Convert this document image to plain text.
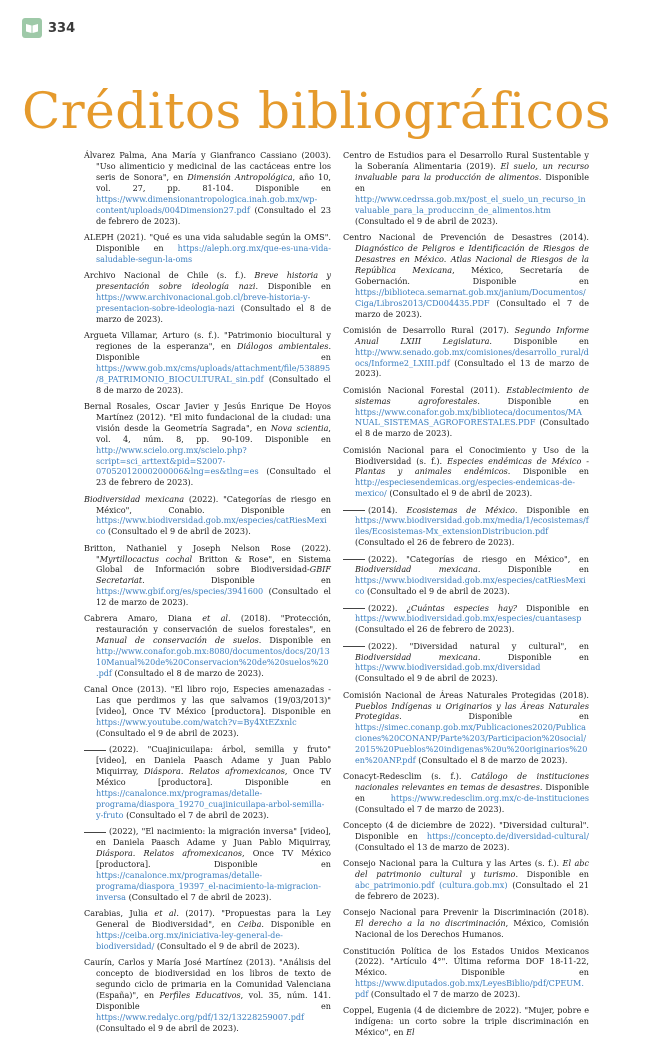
334
Créditos bibliográficos

Álvarez Palma, Ana María y Gianfranco Cassiano (2003). "Uso alimenticio y medicinal de las cactáceas entre los seris de Sonora", en Dimensión Antropológica, año 10, vol. 27, pp. 81-104. Disponible en https://www.dimensionantropologica.inah.gob.mx/wp-content/uploads/004Dimension27.pdf (Consultado el 23 de febrero de 2023).

ALEPH (2021). "Qué es una vida saludable según la OMS". Disponible en https://aleph.org.mx/que-es-una-vida-saludable-segun-la-oms

Archivo Nacional de Chile (s. f.). Breve historia y presentación sobre ideología nazi. Disponible en https://www.archivonacional.gob.cl/breve-historia-y-presentacion-sobre-ideologia-nazi (Consultado el 8 de marzo de 2023).

Argueta Villamar, Arturo (s. f.). "Patrimonio biocultural y regiones de la esperanza", en Diálogos ambientales. Disponible en https://www.gob.mx/cms/uploads/attachment/file/538895/8_PATRIMONIO_BIOCULTURAL_sin.pdf (Consultado el 8 de marzo de 2023).

Bernal Rosales, Oscar Javier y Jesús Enrique De Hoyos Martínez (2012). "El mito fundacional de la ciudad: una visión desde la Geometría Sagrada", en Nova scientia, vol. 4, núm. 8, pp. 90-109. Disponible en http://www.scielo.org.mx/scielo.php?script=sci_arttext&pid=S2007-07052012000200006&lng=es&tlng=es (Consultado el 23 de febrero de 2023).

Biodiversidad mexicana (2022). "Categorías de riesgo en México", Conabio. Disponible en https://www.biodiversidad.gob.mx/especies/catRiesMexico (Consultado el 9 de abril de 2023).

Britton, Nathaniel y Joseph Nelson Rose (2022). "Myrtillocactus cochal Britton & Rose", en Sistema Global de Información sobre Biodiversidad-GBIF Secretariat. Disponible en https://www.gbif.org/es/species/3941600 (Consultado el 12 de marzo de 2023).

Cabrera Amaro, Diana et al. (2018). "Protección, restauración y conservación de suelos forestales", en Manual de conservación de suelos. Disponible en http://www.conafor.gob.mx:8080/documentos/docs/20/1310Manual%20de%20Conservacion%20de%20suelos%20.pdf (Consultado el 8 de marzo de 2023).

Canal Once (2013). "El libro rojo, Especies amenazadas - Las que perdimos y las que salvamos (19/03/2013)" [video], Once TV México [productora]. Disponible en https://www.youtube.com/watch?v=By4XtEZxnlc (Consultado el 9 de abril de 2023).

(2022). "Cuajinicuilapa: árbol, semilla y fruto" [video], en Daniela Paasch Adame y Juan Pablo Miquirray, Diáspora. Relatos afromexicanos, Once TV México [productora]. Disponible en https://canalonce.mx/programas/detalle-programa/diaspora_19270_cuajinicuilapa-arbol-semilla-y-fruto (Consultado el 7 de abril de 2023).

(2022), "El nacimiento: la migración inversa" [video], en Daniela Paasch Adame y Juan Pablo Miquirray, Diáspora. Relatos afromexicanos, Once TV México [productora]. Disponible en https://canalonce.mx/programas/detalle-programa/diaspora_19397_el-nacimiento-la-migracion-inversa (Consultado el 7 de abril de 2023).

Carabias, Julia et al. (2017). "Propuestas para la Ley General de Biodiversidad", en Ceiba. Disponible en https://ceiba.org.mx/iniciativa-ley-general-de-biodiversidad/ (Consultado el 9 de abril de 2023).

Caurín, Carlos y María José Martínez (2013). "Análisis del concepto de biodiversidad en los libros de texto de segundo ciclo de primaria en la Comunidad Valenciana (España)", en Perfiles Educativos, vol. 35, núm. 141. Disponible en https://www.redalyc.org/pdf/132/13228259007.pdf (Consultado el 9 de abril de 2023).

Centro de Estudios para el Desarrollo Rural Sustentable y la Soberanía Alimentaria (2019). El suelo, un recurso invaluable para la producción de alimentos. Disponible en http://www.cedrssa.gob.mx/post_el_suelo_un_recurso_invaluable_para_la_produccinn_de_alimentos.htm (Consultado el 9 de abril de 2023).

Centro Nacional de Prevención de Desastres (2014). Diagnóstico de Peligros e Identificación de Riesgos de Desastres en México. Atlas Nacional de Riesgos de la República Mexicana, México, Secretaría de Gobernación. Disponible en https://biblioteca.semarnat.gob.mx/janium/Documentos/Ciga/Libros2013/CD004435.PDF (Consultado el 7 de marzo de 2023).

Comisión de Desarrollo Rural (2017). Segundo Informe Anual LXIII Legislatura. Disponible en http://www.senado.gob.mx/comisiones/desarrollo_rural/docs/Informe2_LXIII.pdf (Consultado el 13 de marzo de 2023).

Comisión Nacional Forestal (2011). Establecimiento de sistemas agroforestales. Disponible en https://www.conafor.gob.mx/biblioteca/documentos/MANUAL_SISTEMAS_AGROFORESTALES.PDF (Consultado el 8 de marzo de 2023).

Comisión Nacional para el Conocimiento y Uso de la Biodiversidad (s. f.). Especies endémicas de México - Plantas y animales endémicos. Disponible en http://especiesendemicas.org/especies-endemicas-de-mexico/ (Consultado el 9 de abril de 2023).

(2014). Ecosistemas de México. Disponible en https://www.biodiversidad.gob.mx/media/1/ecosistemas/files/Ecosistemas-Mx_extensionDistribucion.pdf (Consultado el 26 de febrero de 2023).

(2022). "Categorías de riesgo en México", en Biodiversidad mexicana. Disponible en https://www.biodiversidad.gob.mx/especies/catRiesMexico (Consultado el 9 de abril de 2023).

(2022). ¿Cuántas especies hay? Disponible en https://www.biodiversidad.gob.mx/especies/cuantasesp (Consultado el 26 de febrero de 2023).

(2022). "Diversidad natural y cultural", en Biodiversidad mexicana. Disponible en https://www.biodiversidad.gob.mx/diversidad (Consultado el 9 de abril de 2023).

Comisión Nacional de Áreas Naturales Protegidas (2018). Pueblos Indígenas u Originarios y las Áreas Naturales Protegidas. Disponible en https://simec.conanp.gob.mx/Publicaciones2020/Publicaciones%20CONANP/Parte%203/Participacion%20social/2015%20Pueblos%20indigenas%20u%20originarios%20en%20ANP.pdf (Consultado el 8 de marzo de 2023).

Conacyt-Redesclim (s. f.). Catálogo de instituciones nacionales relevantes en temas de desastres. Disponible en https://www.redesclim.org.mx/c-de-instituciones (Consultado el 7 de marzo de 2023).

Concepto (4 de diciembre de 2022). "Diversidad cultural". Disponible en https://concepto.de/diversidad-cultural/ (Consultado el 13 de marzo de 2023).

Consejo Nacional para la Cultura y las Artes (s. f.). El abc del patrimonio cultural y turismo. Disponible en abc_patrimonio.pdf (cultura.gob.mx) (Consultado el 21 de febrero de 2023).

Consejo Nacional para Prevenir la Discriminación (2018). El derecho a la no discriminación, México, Comisión Nacional de los Derechos Humanos.

Constitución Política de los Estados Unidos Mexicanos (2022). "Artículo 4°". Última reforma DOF 18-11-22, México. Disponible en https://www.diputados.gob.mx/LeyesBiblio/pdf/CPEUM.pdf (Consultado el 7 de marzo de 2023).

Coppel, Eugenia (4 de diciembre de 2022). "Mujer, pobre e indígena: un corto sobre la triple discriminación en México", en El
